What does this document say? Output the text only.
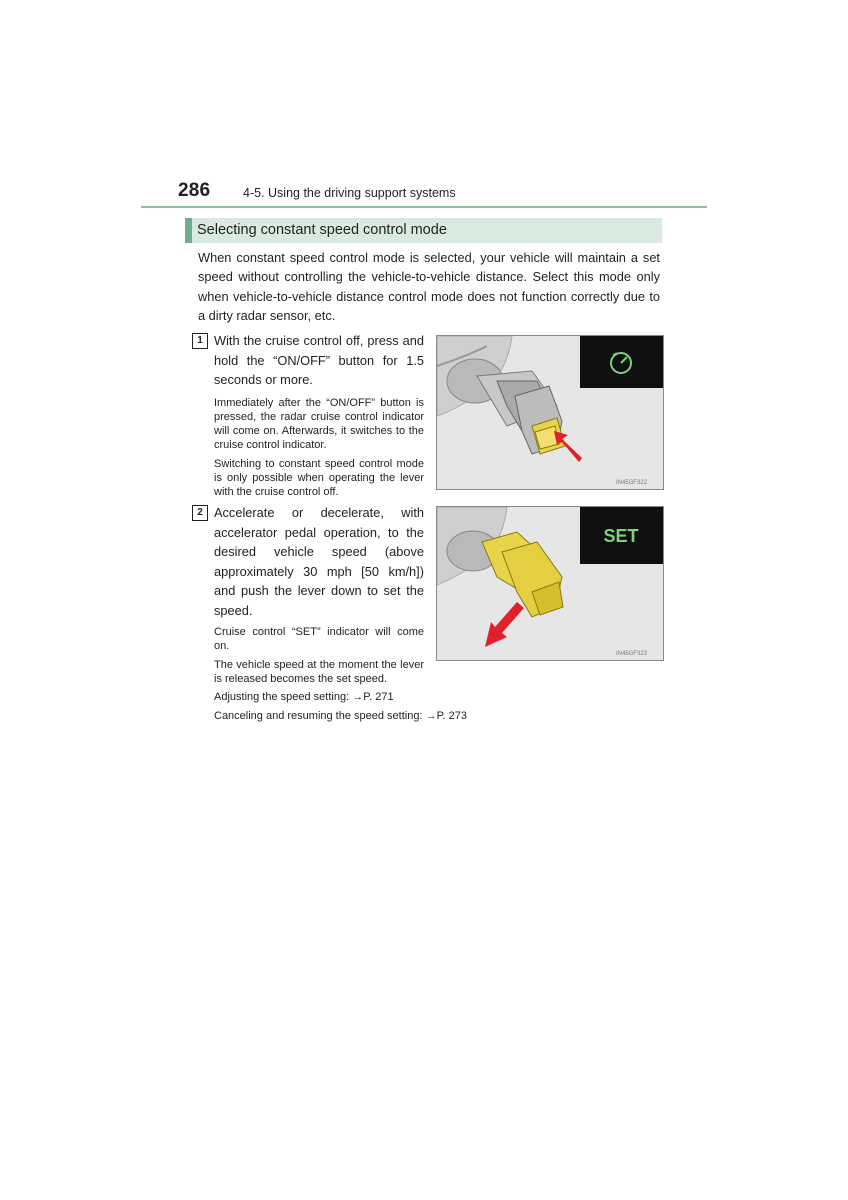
286	4-5. Using the driving support systems
Selecting constant speed control mode
When constant speed control mode is selected, your vehicle will maintain a set speed without controlling the vehicle-to-vehicle distance. Select this mode only when vehicle-to-vehicle distance control mode does not function correctly due to a dirty radar sensor, etc.
1 With the cruise control off, press and hold the “ON/OFF” button for 1.5 seconds or more.
Immediately after the “ON/OFF” button is pressed, the radar cruise control indicator will come on. Afterwards, it switches to the cruise control indicator.
Switching to constant speed control mode is only possible when operating the lever with the cruise control off.
IN45GF322
2 Accelerate or decelerate, with accelerator pedal operation, to the desired vehicle speed (above approximately 30 mph [50 km/h]) and push the lever down to set the speed.
Cruise control “SET” indicator will come on.
The vehicle speed at the moment the lever is released becomes the set speed.
Adjusting the speed setting: →P. 271
Canceling and resuming the speed setting: →P. 273
SET
IN45GF323
